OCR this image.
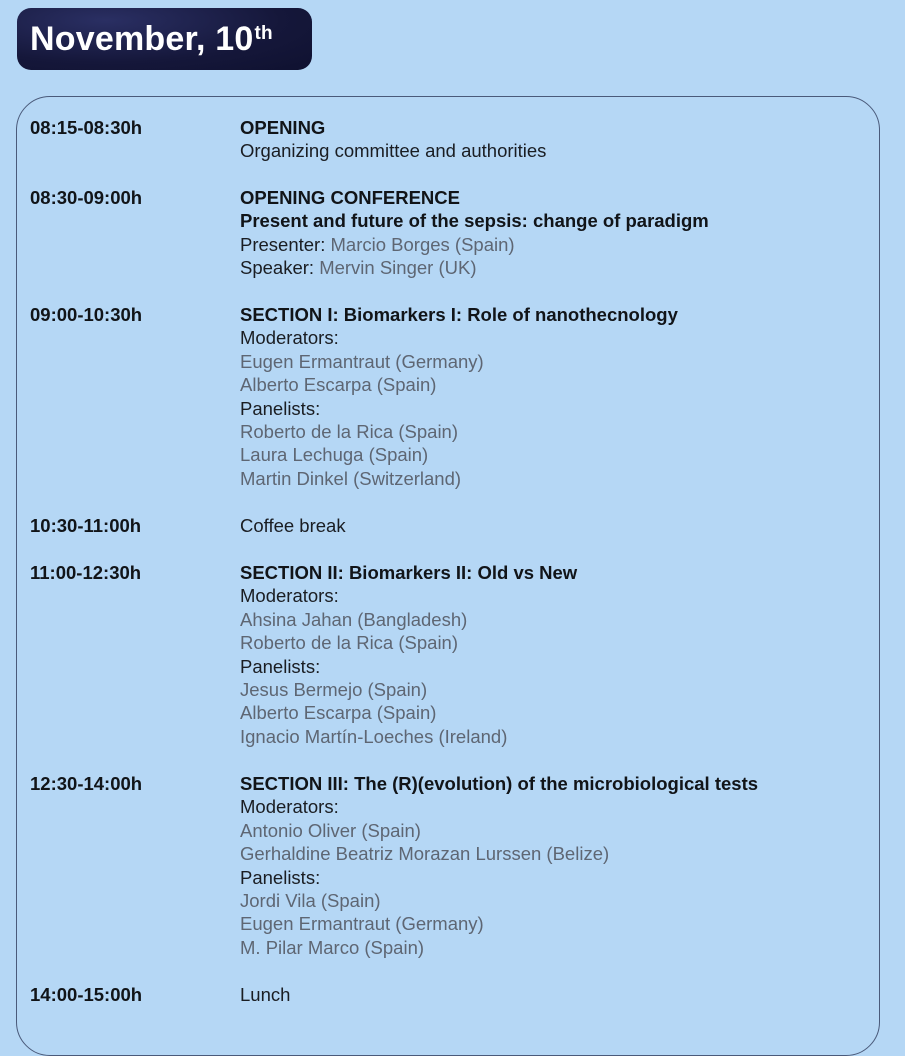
November, 10th
08:15-08:30h	OPENING
Organizing committee and authorities
08:30-09:00h	OPENING CONFERENCE
Present and future of the sepsis: change of paradigm
Presenter: Marcio Borges (Spain)
Speaker: Mervin Singer (UK)
09:00-10:30h	SECTION I: Biomarkers I: Role of nanothecnology
Moderators:
Eugen Ermantraut (Germany)
Alberto Escarpa (Spain)
Panelists:
Roberto de la Rica (Spain)
Laura Lechuga (Spain)
Martin Dinkel (Switzerland)
10:30-11:00h	Coffee break
11:00-12:30h	SECTION II: Biomarkers II: Old vs New
Moderators:
Ahsina Jahan (Bangladesh)
Roberto de la Rica (Spain)
Panelists:
Jesus Bermejo (Spain)
Alberto Escarpa (Spain)
Ignacio Martín-Loeches (Ireland)
12:30-14:00h	SECTION III: The (R)(evolution) of the microbiological tests
Moderators:
Antonio Oliver (Spain)
Gerhaldine Beatriz Morazan Lurssen (Belize)
Panelists:
Jordi Vila (Spain)
Eugen Ermantraut (Germany)
M. Pilar Marco (Spain)
14:00-15:00h	Lunch
